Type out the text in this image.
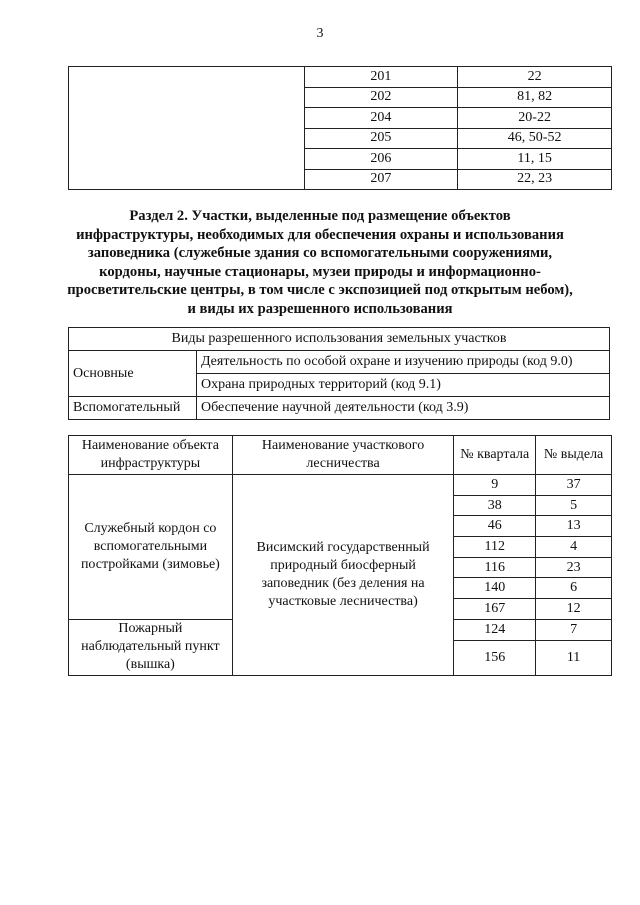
3
	201	22
	202	81, 82
	204	20-22
	205	46, 50-52
	206	11, 15
	207	22, 23
Раздел 2. Участки, выделенные под размещение объектов
инфраструктуры, необходимых для обеспечения охраны и использования
заповедника (служебные здания со вспомогательными сооружениями,
кордоны, научные стационары, музеи природы и информационно-
просветительские центры, в том числе с экспозицией под открытым небом),
и виды их разрешенного использования
Виды разрешенного использования земельных участков	
Основные	Деятельность по особой охране и изучению природы (код 9.0)
	Охрана природных территорий (код 9.1)
Вспомогательный	Обеспечение научной деятельности (код 3.9)
Наименование объекта инфраструктуры	Наименование участкового лесничества	№ квартала	№ выдела
Служебный кордон со вспомогательными постройками (зимовье)	Висимский государственный природный биосферный заповедник (без деления на участковые лесничества)	9	37
		38	5
		46	13
		112	4
		116	23
		140	6
		167	12
Пожарный наблюдательный пункт (вышка)		124	7
		156	11
